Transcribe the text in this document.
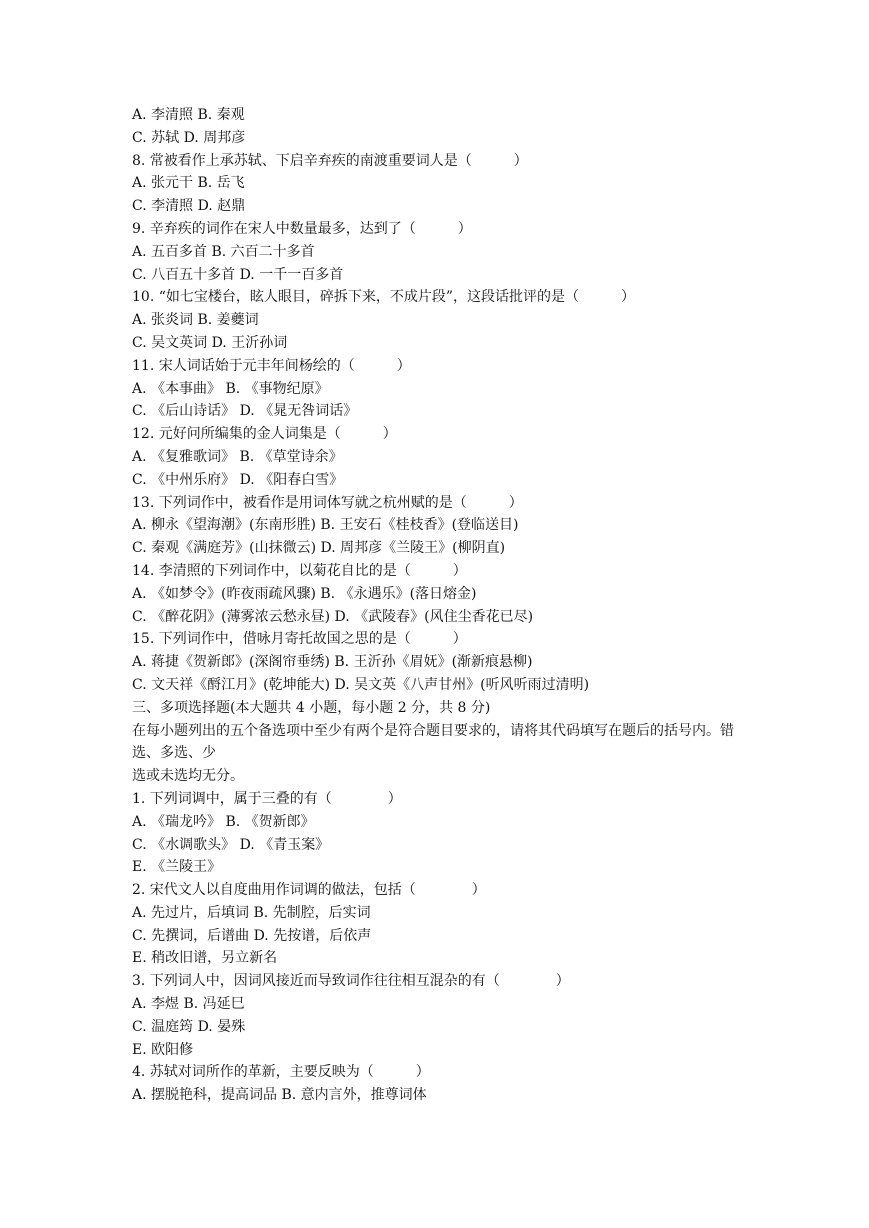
A. 李清照 B. 秦观
C. 苏轼 D. 周邦彦
8. 常被看作上承苏轼、下启辛弃疾的南渡重要词人是（　　　）
A. 张元干 B. 岳飞
C. 李清照 D. 赵鼎
9. 辛弃疾的词作在宋人中数量最多，达到了（　　　）
A. 五百多首 B. 六百二十多首
C. 八百五十多首 D. 一千一百多首
10. “如七宝楼台，眩人眼目，碎拆下来，不成片段”，这段话批评的是（　　　）
A. 张炎词 B. 姜夔词
C. 吴文英词 D. 王沂孙词
11. 宋人词话始于元丰年间杨绘的（　　　）
A. 《本事曲》 B. 《事物纪原》
C. 《后山诗话》 D. 《晁无咎词话》
12. 元好问所编集的金人词集是（　　　）
A. 《复雅歌词》 B. 《草堂诗余》
C. 《中州乐府》 D. 《阳春白雪》
13. 下列词作中，被看作是用词体写就之杭州赋的是（　　　）
A. 柳永《望海潮》(东南形胜) B. 王安石《桂枝香》(登临送目)
C. 秦观《满庭芳》(山抹微云) D. 周邦彦《兰陵王》(柳阴直)
14. 李清照的下列词作中，以菊花自比的是（　　　）
A. 《如梦令》(昨夜雨疏风骤) B. 《永遇乐》(落日熔金)
C. 《醉花阴》(薄雾浓云愁永昼) D. 《武陵春》(风住尘香花已尽)
15. 下列词作中，借咏月寄托故国之思的是（　　　）
A. 蒋捷《贺新郎》(深阁帘垂绣) B. 王沂孙《眉妩》(渐新痕悬柳)
C. 文天祥《酹江月》(乾坤能大) D. 吴文英《八声甘州》(听风听雨过清明)
三、多项选择题(本大题共 4 小题，每小题 2 分，共 8 分)
在每小题列出的五个备选项中至少有两个是符合题目要求的，请将其代码填写在题后的括号内。错选、多选、少
选或未选均无分。
1. 下列词调中，属于三叠的有（　　　　）
A. 《瑞龙吟》 B. 《贺新郎》
C. 《水调歌头》 D. 《青玉案》
E. 《兰陵王》
2. 宋代文人以自度曲用作词调的做法，包括（　　　　）
A. 先过片，后填词 B. 先制腔，后实词
C. 先撰词，后谱曲 D. 先按谱，后依声
E. 稍改旧谱，另立新名
3. 下列词人中，因词风接近而导致词作往往相互混杂的有（　　　　）
A. 李煜 B. 冯延巳
C. 温庭筠 D. 晏殊
E. 欧阳修
4. 苏轼对词所作的革新，主要反映为（　　　）
A. 摆脱艳科，提高词品 B. 意内言外，推尊词体
